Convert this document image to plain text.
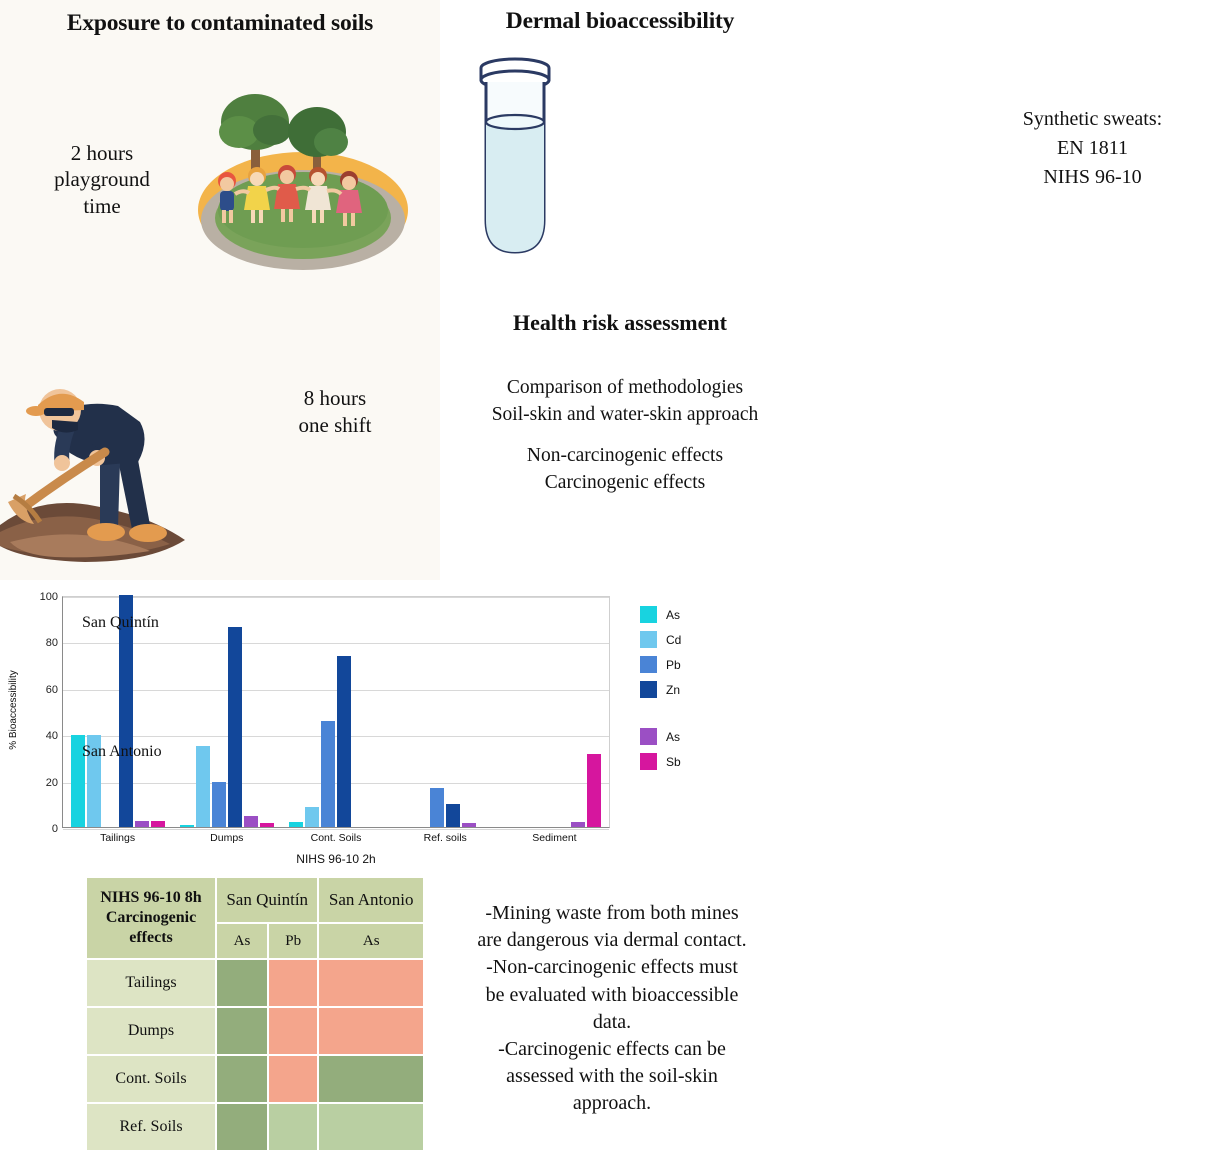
Exposure to contaminated soils
2 hours
playground
time
8 hours
one shift
Dermal bioaccessibility
Synthetic sweats:
EN 1811
NIHS 96-10
Health risk assessment
Comparison of methodologies
Soil-skin and water-skin approach
Non-carcinogenic effects
Carcinogenic effects
% Bioaccessibility
0
20
40
60
80
100
Tailings	Dumps	Cont. Soils	Ref. soils	Sediment
NIHS 96-10 2h
As
Cd
Pb
Zn
As
Sb
San Quintín
San Antonio
NIHS 96-10 8h
Carcinogenic
effects	San Quintín		San Antonio
	As	Pb	As
Tailings			
Dumps			
Cont. Soils			
Ref. Soils			
-Mining waste from both mines
are dangerous via dermal contact.
-Non-carcinogenic effects must
be evaluated with bioaccessible
data.
-Carcinogenic effects can be
assessed with the soil-skin
approach.
